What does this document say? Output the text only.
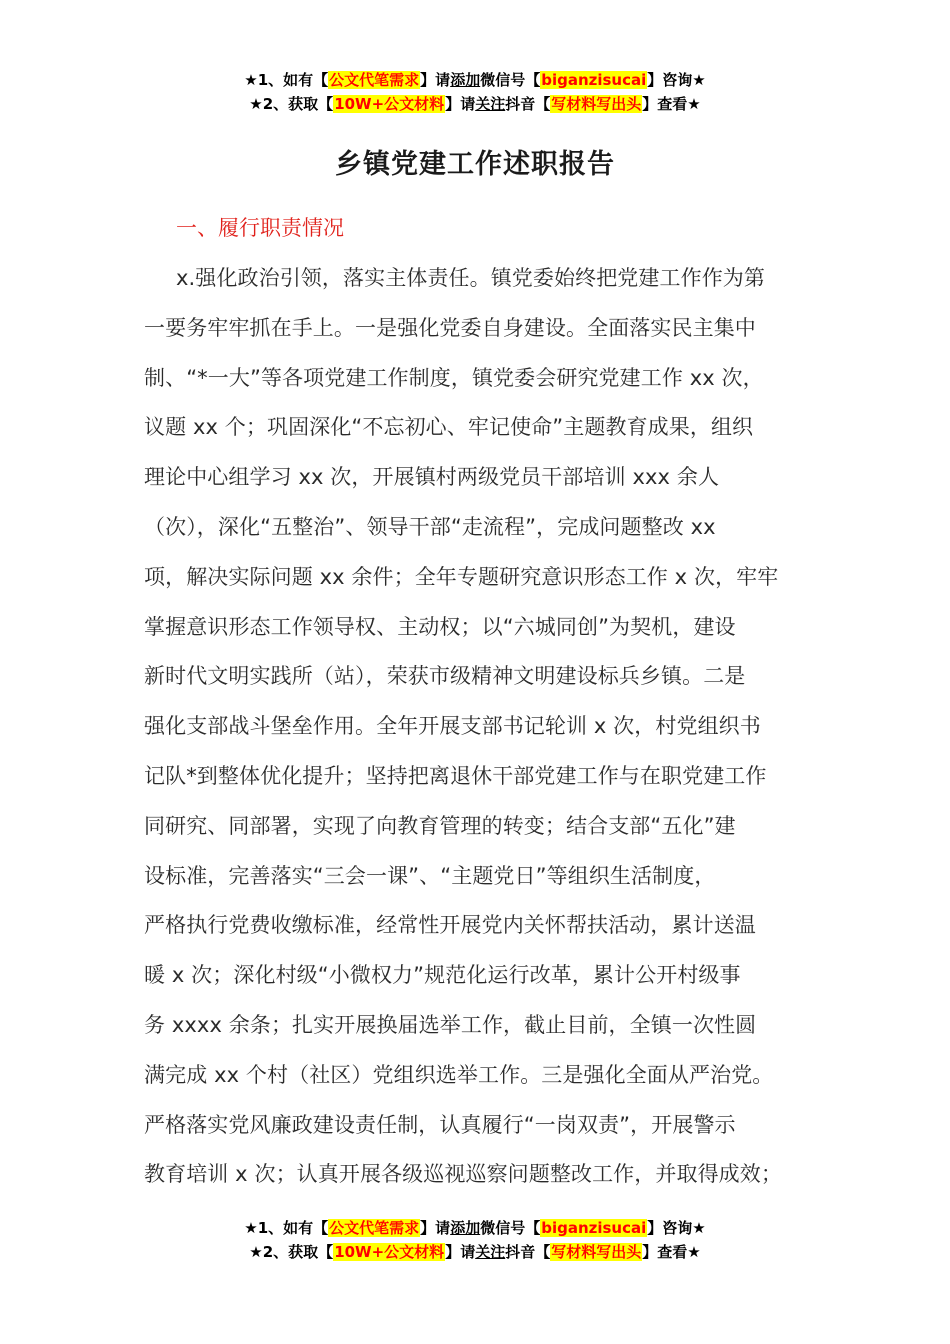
★1、如有【公文代笔需求】请添加微信号【biganzisucai】咨询★
★2、获取【10W+公文材料】请关注抖音【写材料写出头】查看★
乡镇党建工作述职报告
一、履行职责情况
x.强化政治引领，落实主体责任。镇党委始终把党建工作作为第
一要务牢牢抓在手上。一是强化党委自身建设。全面落实民主集中
制、“*一大”等各项党建工作制度，镇党委会研究党建工作 xx 次，
议题 xx 个；巩固深化“不忘初心、牢记使命”主题教育成果，组织
理论中心组学习 xx 次，开展镇村两级党员干部培训 xxx 余人
（次），深化“五整治”、领导干部“走流程”，完成问题整改 xx
项，解决实际问题 xx 余件；全年专题研究意识形态工作 x 次，牢牢
掌握意识形态工作领导权、主动权；以“六城同创”为契机，建设
新时代文明实践所（站），荣获市级精神文明建设标兵乡镇。二是
强化支部战斗堡垒作用。全年开展支部书记轮训 x 次，村党组织书
记队*到整体优化提升；坚持把离退休干部党建工作与在职党建工作
同研究、同部署，实现了向教育管理的转变；结合支部“五化”建
设标准，完善落实“三会一课”、“主题党日”等组织生活制度，
严格执行党费收缴标准，经常性开展党内关怀帮扶活动，累计送温
暖 x 次；深化村级“小微权力”规范化运行改革，累计公开村级事
务 xxxx 余条；扎实开展换届选举工作，截止目前，全镇一次性圆
满完成 xx 个村（社区）党组织选举工作。三是强化全面从严治党。
严格落实党风廉政建设责任制，认真履行“一岗双责”，开展警示
教育培训 x 次；认真开展各级巡视巡察问题整改工作，并取得成效；
★1、如有【公文代笔需求】请添加微信号【biganzisucai】咨询★
★2、获取【10W+公文材料】请关注抖音【写材料写出头】查看★
